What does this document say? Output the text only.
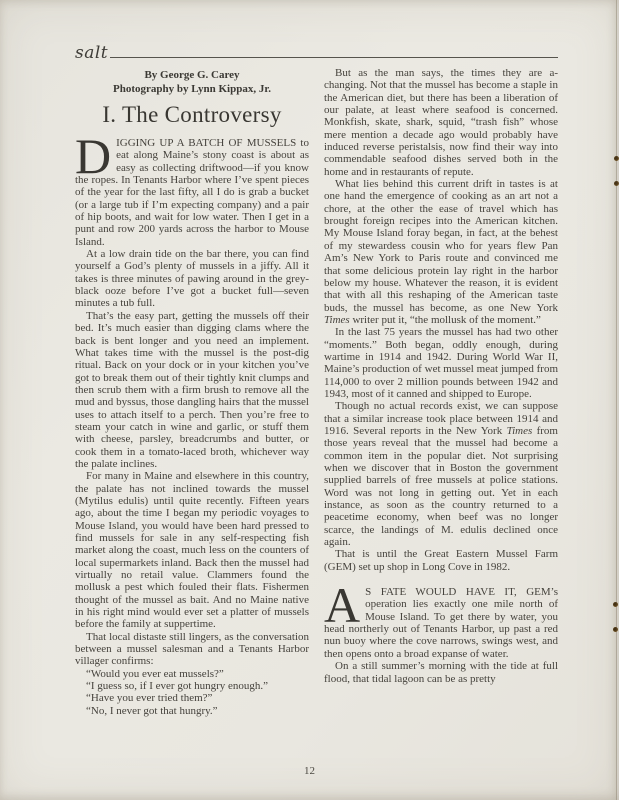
salt
By George G. Carey
Photography by Lynn Kippax, Jr.
I. The Controversy

DIGGING UP A BATCH OF MUSSELS to eat along Maine’s stony coast is about as easy as collecting driftwood—if you know the ropes. In Tenants Harbor where I’ve spent pieces of the year for the last fifty, all I do is grab a bucket (or a large tub if I’m expecting company) and a pair of hip boots, and wait for low water. Then I get in a punt and row 200 yards across the harbor to Mouse Island.

At a low drain tide on the bar there, you can find yourself a God’s plenty of mussels in a jiffy. All it takes is three minutes of pawing around in the grey-black ooze before I’ve got a bucket full—seven minutes a tub full.

That’s the easy part, getting the mussels off their bed. It’s much easier than digging clams where the back is bent longer and you need an implement. What takes time with the mussel is the post-dig ritual. Back on your dock or in your kitchen you’ve got to break them out of their tightly knit clumps and then scrub them with a firm brush to remove all the mud and byssus, those dangling hairs that the mussel uses to attach itself to a perch. Then you’re free to steam your catch in wine and garlic, or stuff them with cheese, parsley, breadcrumbs and butter, or cook them in a tomato-laced broth, whichever way the palate inclines.

For many in Maine and elsewhere in this country, the palate has not inclined towards the mussel (Mytilus edulis) until quite recently. Fifteen years ago, about the time I began my periodic voyages to Mouse Island, you would have been hard pressed to find mussels for sale in any self-respecting fish market along the coast, much less on the counters of local supermarkets inland. Back then the mussel had virtually no retail value. Clammers found the mollusk a pest which fouled their flats. Fishermen thought of the mussel as bait. And no Maine native in his right mind would ever set a platter of mussels before the family at suppertime.

That local distaste still lingers, as the conversation between a mussel salesman and a Tenants Harbor villager confirms:

“Would you ever eat mussels?”

“I guess so, if I ever got hungry enough.”

“Have you ever tried them?”

“No, I never got that hungry.”

But as the man says, the times they are a-changing. Not that the mussel has become a staple in the American diet, but there has been a liberation of our palate, at least where seafood is concerned. Monkfish, skate, shark, squid, “trash fish” whose mere mention a decade ago would probably have induced reverse peristalsis, now find their way into commendable seafood dishes served both in the home and in restaurants of repute.

What lies behind this current drift in tastes is at one hand the emergence of cooking as an art not a chore, at the other the ease of travel which has brought foreign recipes into the American kitchen. My Mouse Island foray began, in fact, at the behest of my stewardess cousin who for years flew Pan Am’s New York to Paris route and convinced me that some delicious protein lay right in the harbor below my house. Whatever the reason, it is evident that with all this reshaping of the American taste buds, the mussel has become, as one New York Times writer put it, “the mollusk of the moment.”

In the last 75 years the mussel has had two other “moments.” Both began, oddly enough, during wartime in 1914 and 1942. During World War II, Maine’s production of wet mussel meat jumped from 114,000 to over 2 million pounds between 1942 and 1943, most of it canned and shipped to Europe.

Though no actual records exist, we can suppose that a similar increase took place between 1914 and 1916. Several reports in the New York Times from those years reveal that the mussel had become a common item in the popular diet. Not surprising when we discover that in Boston the government supplied barrels of free mussels at police stations. Word was not long in getting out. Yet in each instance, as soon as the country returned to a peacetime economy, when beef was no longer scarce, the landings of M. edulis declined once again.

That is until the Great Eastern Mussel Farm (GEM) set up shop in Long Cove in 1982.

A S FATE WOULD HAVE IT, GEM’s operation lies exactly one mile north of Mouse Island. To get there by water, you head northerly out of Tenants Harbor, up past a red nun buoy where the cove narrows, swings west, and then opens onto a broad expanse of water.

On a still summer’s morning with the tide at full flood, that tidal lagoon can be as pretty

12
